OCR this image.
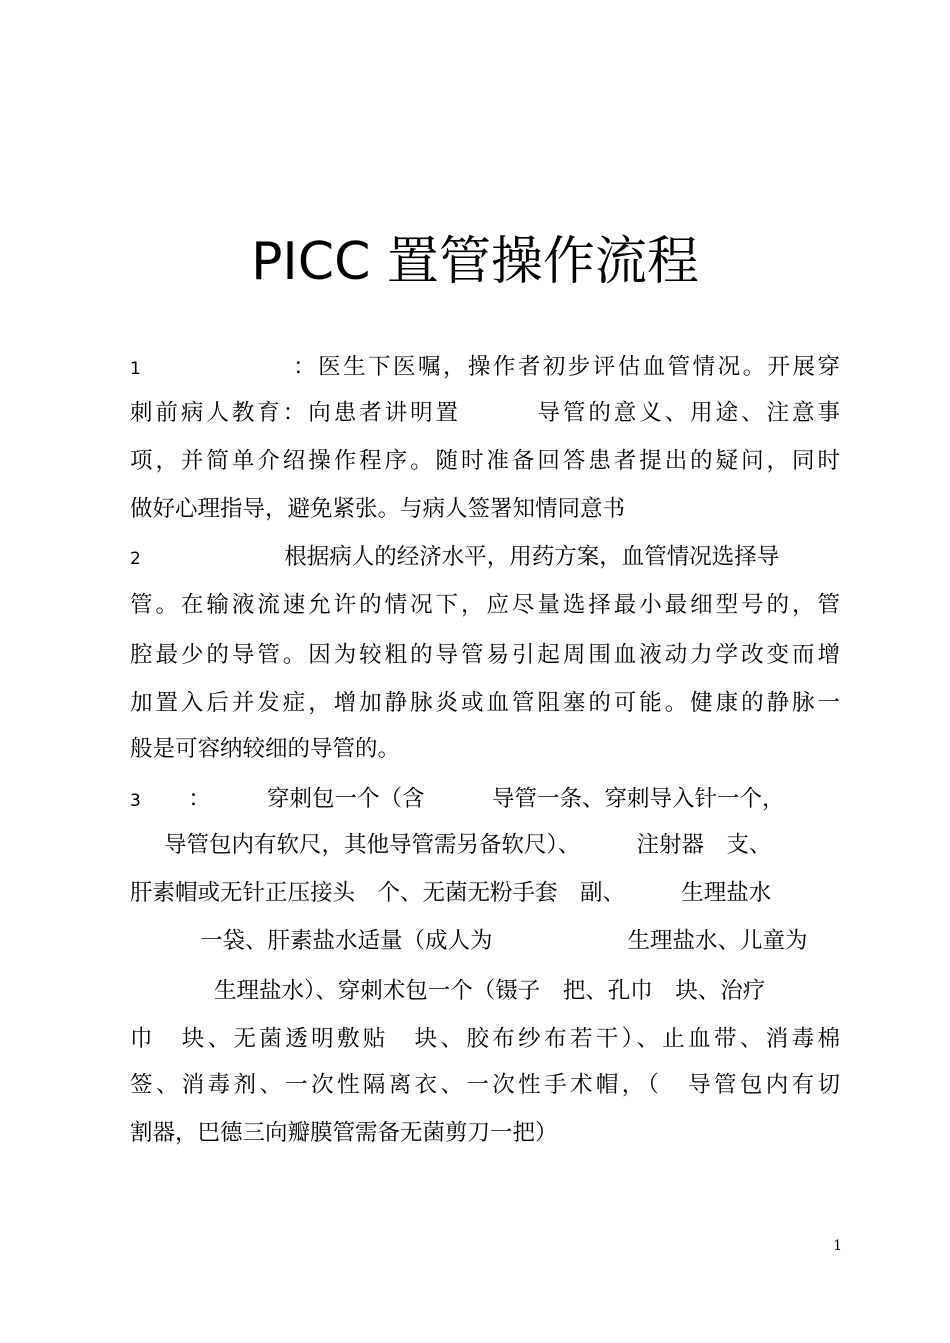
PICC 置管操作流程
1	：医生下医嘱，操作者初步评估血管情况。开展穿
刺前病人教育：向患者讲明置　　　导管的意义、用途、注意事
项，并简单介绍操作程序。随时准备回答患者提出的疑问，同时
做好心理指导，避免紧张。与病人签署知情同意书
2	根据病人的经济水平，用药方案，血管情况选择导
管。在输液流速允许的情况下，应尽量选择最小最细型号的，管
腔最少的导管。因为较粗的导管易引起周围血液动力学改变而增
加置入后并发症，增加静脉炎或血管阻塞的可能。健康的静脉一
般是可容纳较细的导管的。
3 ：　　　穿刺包一个（含　　　导管一条、穿刺导入针一个，
导管包内有软尺，其他导管需另备软尺）、　　　注射器　支、
肝素帽或无针正压接头　个、无菌无粉手套　副、　　　生理盐水
一袋、肝素盐水适量（成人为　　　　　　生理盐水、儿童为
生理盐水）、穿刺术包一个（镊子　把、孔巾　块、治疗
巾　块、无菌透明敷贴　块、胶布纱布若干）、止血带、消毒棉
签、消毒剂、一次性隔离衣、一次性手术帽，（　导管包内有切
割器，巴德三向瓣膜管需备无菌剪刀一把）
1
